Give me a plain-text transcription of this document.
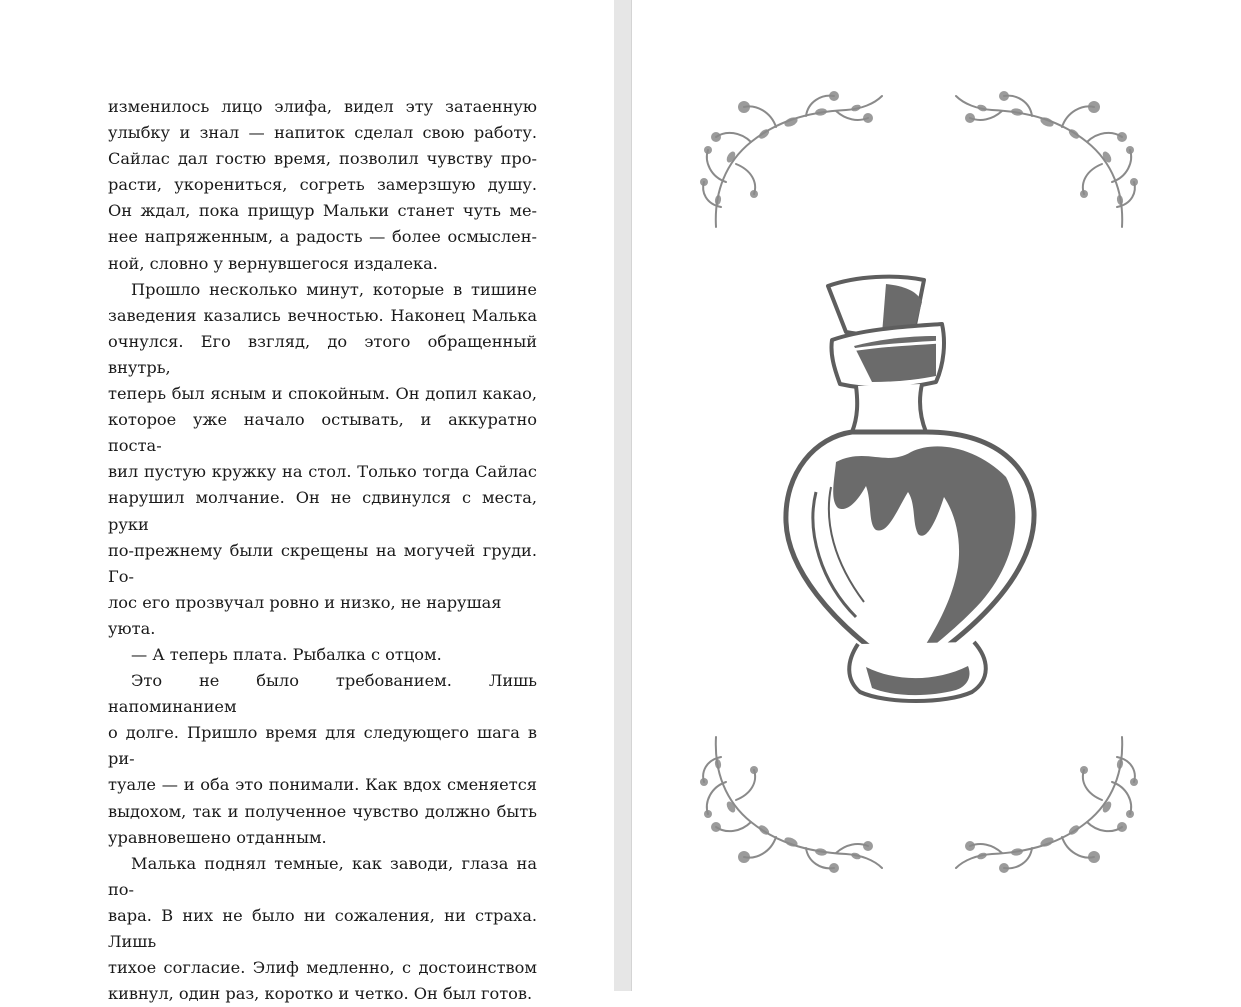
изменилось лицо элифа, видел эту затаенную
улыбку и знал — напиток сделал свою работу.
Сайлас дал гостю время, позволил чувству про-
расти, укорениться, согреть замерзшую душу.
Он ждал, пока прищур Мальки станет чуть ме-
нее напряженным, а радость — более осмыслен-
ной, словно у вернувшегося издалека.

Прошло несколько минут, которые в тишине
заведения казались вечностью. Наконец Малька
очнулся. Его взгляд, до этого обращенный внутрь,
теперь был ясным и спокойным. Он допил какао,
которое уже начало остывать, и аккуратно поста-
вил пустую кружку на стол. Только тогда Сайлас
нарушил молчание. Он не сдвинулся с места, руки
по-прежнему были скрещены на могучей груди. Го-
лос его прозвучал ровно и низко, не нарушая уюта.

— А теперь плата. Рыбалка с отцом.

Это не было требованием. Лишь напоминанием
о долге. Пришло время для следующего шага в ри-
туале — и оба это понимали. Как вдох сменяется
выдохом, так и полученное чувство должно быть
уравновешено отданным.

Малька поднял темные, как заводи, глаза на по-
вара. В них не было ни сожаления, ни страха. Лишь
тихое согласие. Элиф медленно, с достоинством
кивнул, один раз, коротко и четко. Он был готов.
